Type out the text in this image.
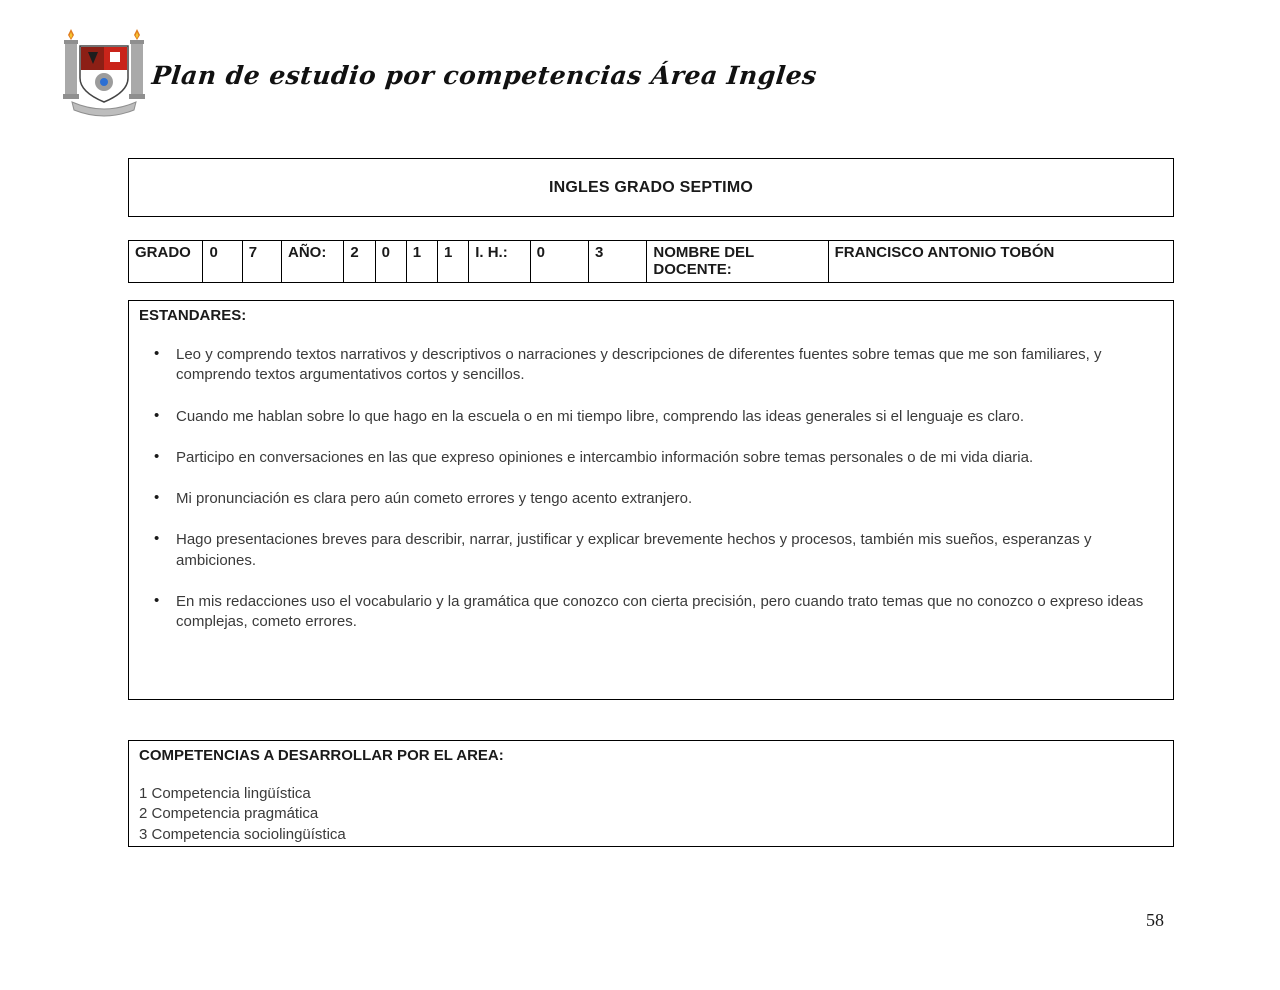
Plan de estudio por competencias Área Ingles
INGLES GRADO SEPTIMO
GRADO	0	7	AÑO:	2	0	1	1	I. H.:	0	3	NOMBRE DEL DOCENTE:	FRANCISCO ANTONIO TOBÓN
ESTANDARES:
• Leo y comprendo textos narrativos y descriptivos o narraciones y descripciones de diferentes fuentes sobre temas que me son familiares, y comprendo textos argumentativos cortos y sencillos.
• Cuando me hablan sobre lo que hago en la escuela o en mi tiempo libre, comprendo las ideas generales si el lenguaje es claro.
• Participo en conversaciones en las que expreso opiniones e intercambio información sobre temas personales o de mi vida diaria.
• Mi pronunciación es clara pero aún cometo errores y tengo acento extranjero.
• Hago presentaciones breves para describir, narrar, justificar y explicar brevemente hechos y procesos, también mis sueños, esperanzas y ambiciones.
• En mis redacciones uso el vocabulario y la gramática que conozco con cierta precisión, pero cuando trato temas que no conozco o expreso ideas complejas, cometo errores.
COMPETENCIAS A DESARROLLAR POR EL AREA:
1 Competencia lingüística
2 Competencia pragmática
3 Competencia sociolingüística
58
